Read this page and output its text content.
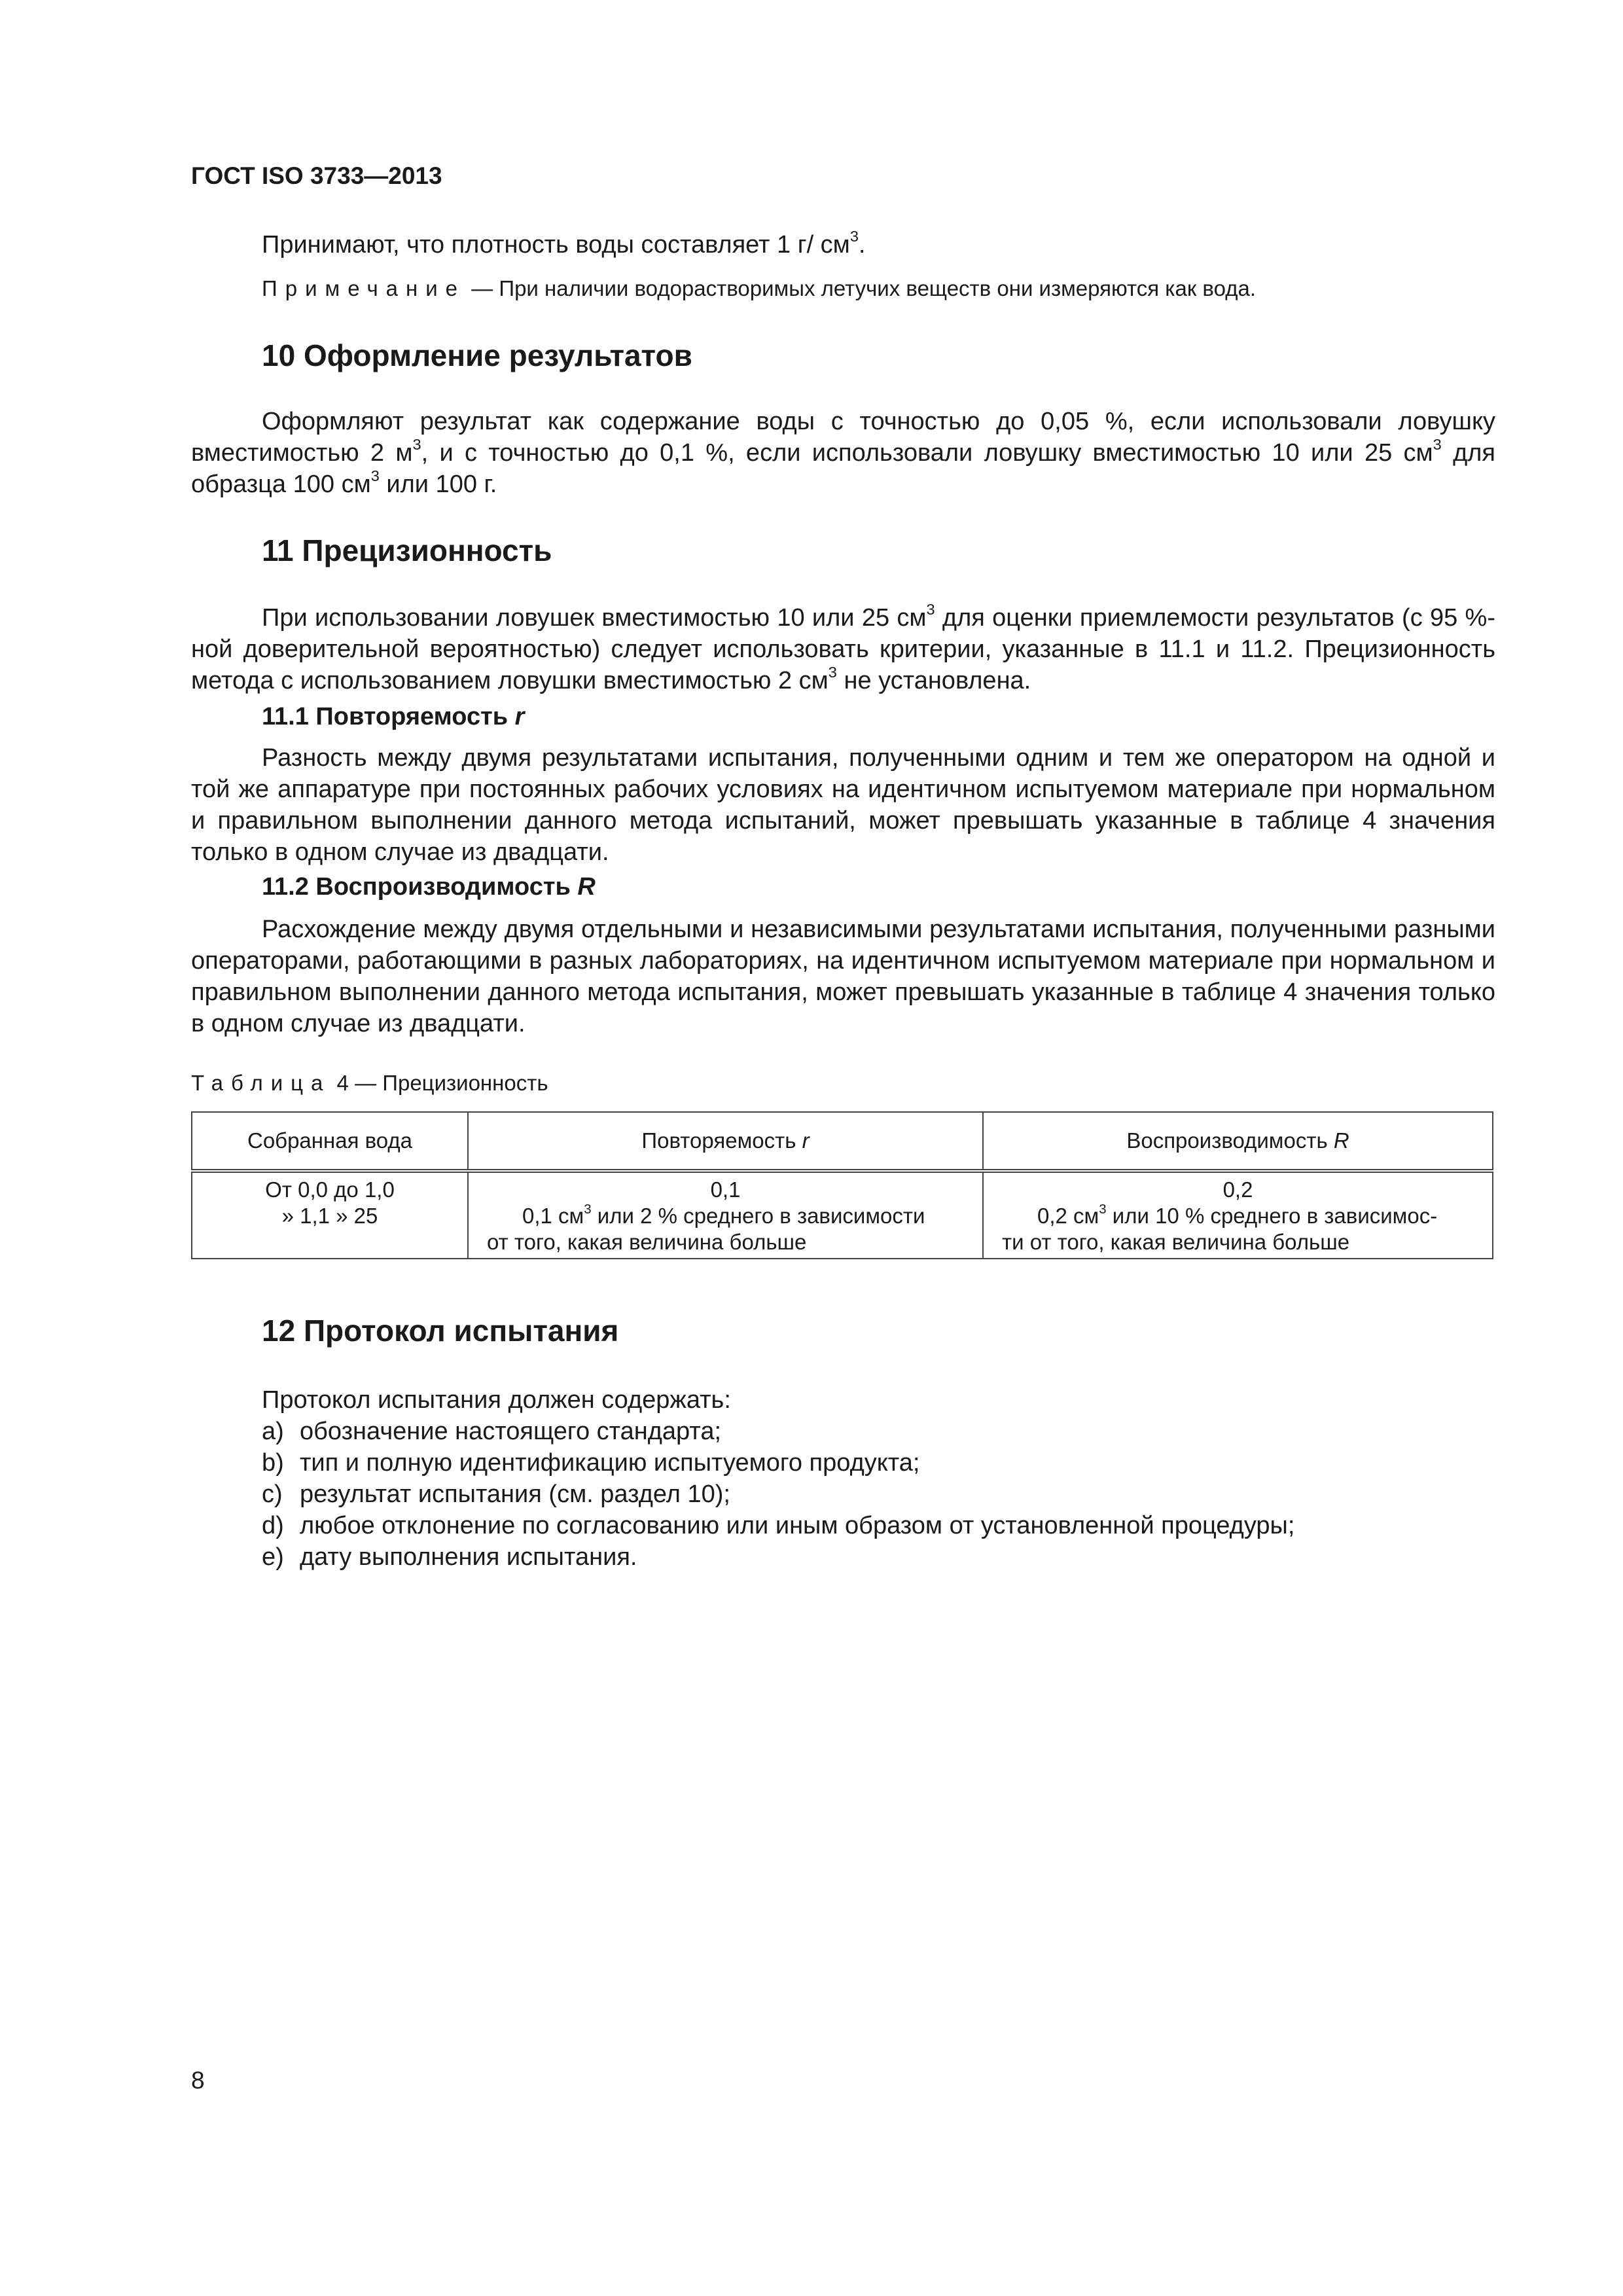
ГОСТ ISO 3733—2013
Принимают, что плотность воды составляет 1 г/ $см^3$.
Примечание — При наличии водорастворимых летучих веществ они измеряются как вода.
10 Оформление результатов
Оформляют результат как содержание воды с точностью до 0,05 %, если использовали ловушку вместимостью 2 $м^3$, и с точностью до 0,1 %, если использовали ловушку вместимостью 10 или 25 $см^3$ для образца 100 $см^3$ или 100 г.
11 Прецизионность
При использовании ловушек вместимостью 10 или 25 $см^3$ для оценки приемлемости результатов (с 95 %-ной доверительной вероятностью) следует использовать критерии, указанные в 11.1 и 11.2. Прецизионность метода с использованием ловушки вместимостью 2 $см^3$ не установлена.
11.1 Повторяемость r
Разность между двумя результатами испытания, полученными одним и тем же оператором на одной и той же аппаратуре при постоянных рабочих условиях на идентичном испытуемом материале при нормальном и правильном выполнении данного метода испытаний, может превышать указанные в таблице 4 значения только в одном случае из двадцати.
11.2 Воспроизводимость R
Расхождение между двумя отдельными и независимыми результатами испытания, полученными разными операторами, работающими в разных лабораториях, на идентичном испытуемом материале при нормальном и правильном выполнении данного метода испытания, может превышать указанные в таблице 4 значения только в одном случае из двадцати.
Таблица 4 — Прецизионность
Собранная вода	Повторяемость r	Воспроизводимость R

От 0,0 до 1,0
» 1,1 » 25	0,1
0,1 $см^3$ или 2 % среднего в зависимости
от того, какая величина больше	0,2
0,2 $см^3$ или 10 % среднего в зависимос-
ти от того, какая величина больше
12 Протокол испытания
Протокол испытания должен содержать:
a) обозначение настоящего стандарта;
b) тип и полную идентификацию испытуемого продукта;
c) результат испытания (см. раздел 10);
d) любое отклонение по согласованию или иным образом от установленной процедуры;
e) дату выполнения испытания.
8
